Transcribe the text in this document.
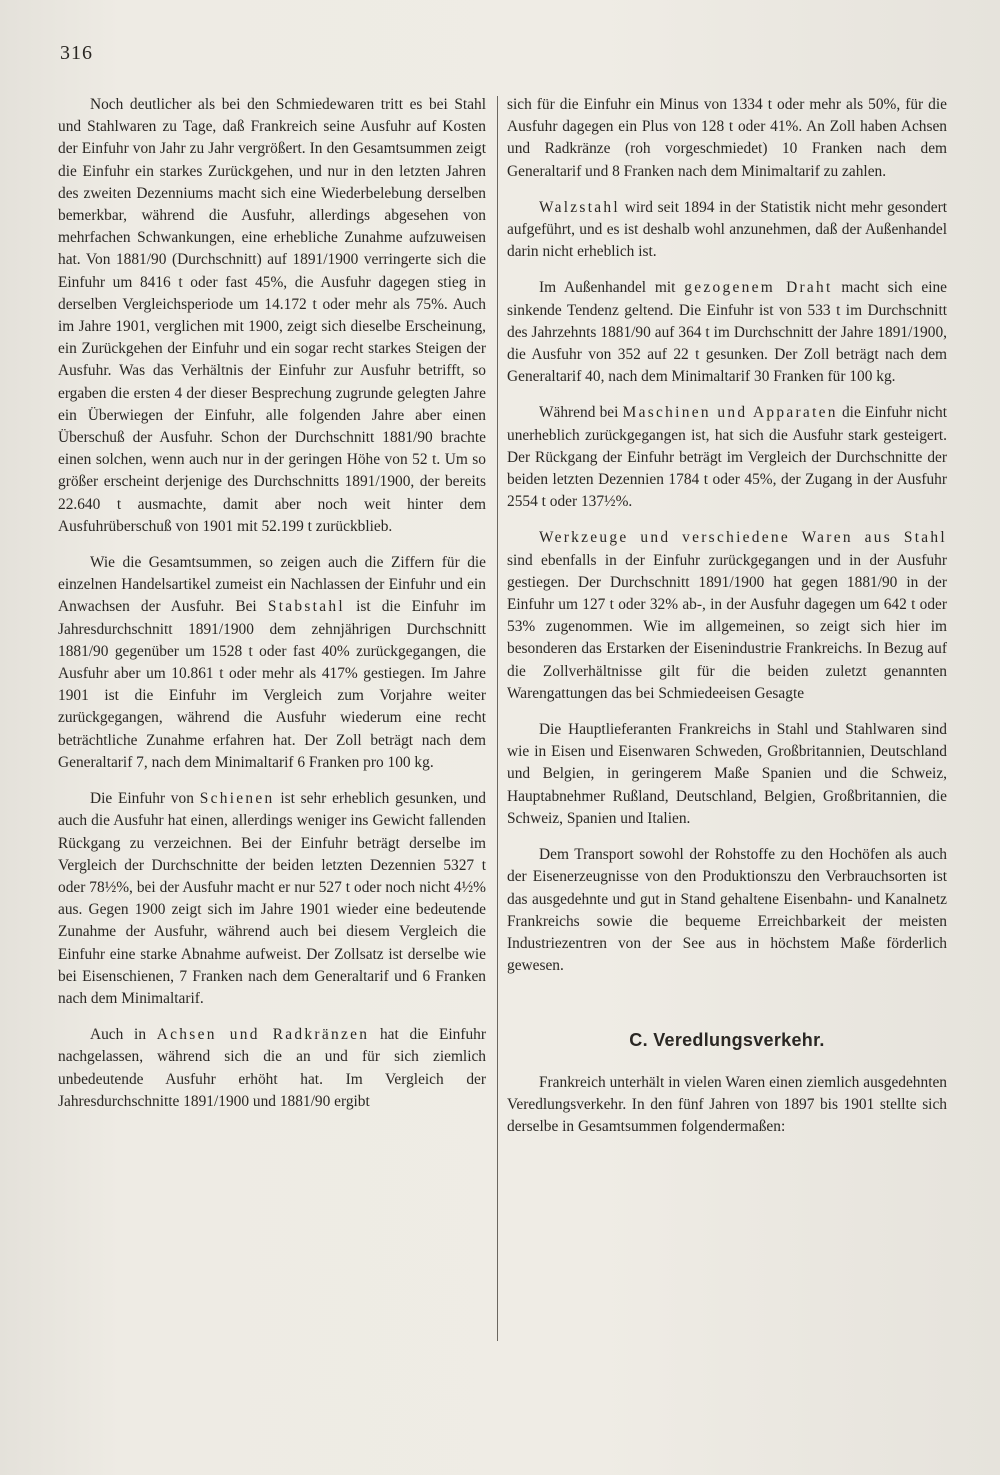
316

Noch deutlicher als bei den Schmiedewaren tritt es bei Stahl und Stahlwaren zu Tage, daß Frankreich seine Ausfuhr auf Kosten der Einfuhr von Jahr zu Jahr vergrößert. In den Gesamtsummen zeigt die Einfuhr ein starkes Zurückgehen, und nur in den letzten Jahren des zweiten Dezenniums macht sich eine Wiederbelebung derselben bemerkbar, während die Ausfuhr, allerdings abgesehen von mehrfachen Schwankungen, eine erhebliche Zunahme aufzuweisen hat. Von 1881/90 (Durchschnitt) auf 1891/1900 verringerte sich die Einfuhr um 8416 t oder fast 45%, die Ausfuhr dagegen stieg in derselben Vergleichsperiode um 14.172 t oder mehr als 75%. Auch im Jahre 1901, verglichen mit 1900, zeigt sich dieselbe Erscheinung, ein Zurückgehen der Einfuhr und ein sogar recht starkes Steigen der Ausfuhr. Was das Verhältnis der Einfuhr zur Ausfuhr betrifft, so ergaben die ersten 4 der dieser Besprechung zugrunde gelegten Jahre ein Überwiegen der Einfuhr, alle folgenden Jahre aber einen Überschuß der Ausfuhr. Schon der Durchschnitt 1881/90 brachte einen solchen, wenn auch nur in der geringen Höhe von 52 t. Um so größer erscheint derjenige des Durchschnitts 1891/1900, der bereits 22.640 t ausmachte, damit aber noch weit hinter dem Ausfuhrüberschuß von 1901 mit 52.199 t zurückblieb.

Wie die Gesamtsummen, so zeigen auch die Ziffern für die einzelnen Handelsartikel zumeist ein Nachlassen der Einfuhr und ein Anwachsen der Ausfuhr. Bei Stabstahl ist die Einfuhr im Jahresdurchschnitt 1891/1900 dem zehnjährigen Durchschnitt 1881/90 gegenüber um 1528 t oder fast 40% zurückgegangen, die Ausfuhr aber um 10.861 t oder mehr als 417% gestiegen. Im Jahre 1901 ist die Einfuhr im Vergleich zum Vorjahre weiter zurückgegangen, während die Ausfuhr wiederum eine recht beträchtliche Zunahme erfahren hat. Der Zoll beträgt nach dem Generaltarif 7, nach dem Minimaltarif 6 Franken pro 100 kg.

Die Einfuhr von Schienen ist sehr erheblich gesunken, und auch die Ausfuhr hat einen, allerdings weniger ins Gewicht fallenden Rückgang zu verzeichnen. Bei der Einfuhr beträgt derselbe im Vergleich der Durchschnitte der beiden letzten Dezennien 5327 t oder 78½%, bei der Ausfuhr macht er nur 527 t oder noch nicht 4½% aus. Gegen 1900 zeigt sich im Jahre 1901 wieder eine bedeutende Zunahme der Ausfuhr, während auch bei diesem Vergleich die Einfuhr eine starke Abnahme aufweist. Der Zollsatz ist derselbe wie bei Eisenschienen, 7 Franken nach dem Generaltarif und 6 Franken nach dem Minimaltarif.

Auch in Achsen und Radkränzen hat die Einfuhr nachgelassen, während sich die an und für sich ziemlich unbedeutende Ausfuhr erhöht hat. Im Vergleich der Jahresdurchschnitte 1891/1900 und 1881/90 ergibt

sich für die Einfuhr ein Minus von 1334 t oder mehr als 50%, für die Ausfuhr dagegen ein Plus von 128 t oder 41%. An Zoll haben Achsen und Radkränze (roh vorgeschmiedet) 10 Franken nach dem Generaltarif und 8 Franken nach dem Minimaltarif zu zahlen.

Walzstahl wird seit 1894 in der Statistik nicht mehr gesondert aufgeführt, und es ist deshalb wohl anzunehmen, daß der Außenhandel darin nicht erheblich ist.

Im Außenhandel mit gezogenem Draht macht sich eine sinkende Tendenz geltend. Die Einfuhr ist von 533 t im Durchschnitt des Jahrzehnts 1881/90 auf 364 t im Durchschnitt der Jahre 1891/1900, die Ausfuhr von 352 auf 22 t gesunken. Der Zoll beträgt nach dem Generaltarif 40, nach dem Minimaltarif 30 Franken für 100 kg.

Während bei Maschinen und Apparaten die Einfuhr nicht unerheblich zurückgegangen ist, hat sich die Ausfuhr stark gesteigert. Der Rückgang der Einfuhr beträgt im Vergleich der Durchschnitte der beiden letzten Dezennien 1784 t oder 45%, der Zugang in der Ausfuhr 2554 t oder 137½%.

Werkzeuge und verschiedene Waren aus Stahl sind ebenfalls in der Einfuhr zurückgegangen und in der Ausfuhr gestiegen. Der Durchschnitt 1891/1900 hat gegen 1881/90 in der Einfuhr um 127 t oder 32% ab-, in der Ausfuhr dagegen um 642 t oder 53% zugenommen. Wie im allgemeinen, so zeigt sich hier im besonderen das Erstarken der Eisenindustrie Frankreichs. In Bezug auf die Zollverhältnisse gilt für die beiden zuletzt genannten Warengattungen das bei Schmiedeeisen Gesagte

Die Hauptlieferanten Frankreichs in Stahl und Stahlwaren sind wie in Eisen und Eisenwaren Schweden, Großbritannien, Deutschland und Belgien, in geringerem Maße Spanien und die Schweiz, Hauptabnehmer Rußland, Deutschland, Belgien, Großbritannien, die Schweiz, Spanien und Italien.

Dem Transport sowohl der Rohstoffe zu den Hochöfen als auch der Eisenerzeugnisse von den Produktionszu den Verbrauchsorten ist das ausgedehnte und gut in Stand gehaltene Eisenbahn- und Kanalnetz Frankreichs sowie die bequeme Erreichbarkeit der meisten Industriezentren von der See aus in höchstem Maße förderlich gewesen.

C. Veredlungsverkehr.

Frankreich unterhält in vielen Waren einen ziemlich ausgedehnten Veredlungsverkehr. In den fünf Jahren von 1897 bis 1901 stellte sich derselbe in Gesamtsummen folgendermaßen:
